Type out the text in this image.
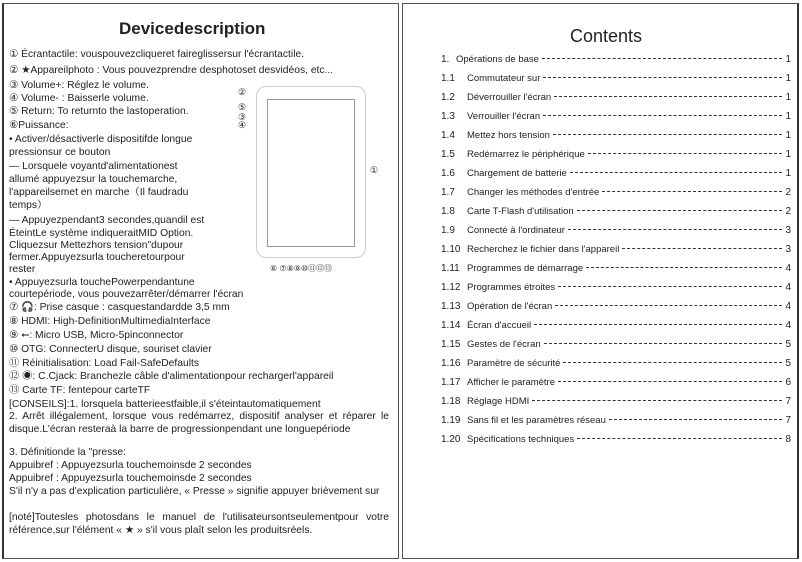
Devicedescription
① Écrantactile: vouspouvezcliqueret faireglissersur l'écrantactile.
② ★Appareilphoto : Vous pouvezprendre desphotoset desvidéos, etc...
③ Volume+: Réglez le volume.
④ Volume- : Baisserle volume.
⑤ Return: To returnto the lastoperation.
⑥Puissance:
• Activer/désactiverle dispositifde longue
pressionsur ce bouton
— Lorsquele voyantd'alimentationest
allumé appuyezsur la touchemarche,
l'appareilsemet en marche（Il faudradu
temps）
— Appuyezpendant3 secondes,quandil est
ÉteintLe système indiqueraitMID Option.
Cliquezsur Mettezhors tension"dupour
fermer.Appuyezsurla toucheretourpour
rester
• Appuyezsurla touchePowerpendantune
courtepériode, vous pouvezarrêter/démarrer l'écran
⑦ 🎧: Prise casque : casquestandardde 3,5 mm
⑧ HDMI: High-DefinitionMultimediaInterface
⑨ ⭠: Micro USB, Micro-5pinconnector
⑩ OTG: ConnecterU disque, souriset clavier
⑪ Réinitialisation: Load Fail-SafeDefaults
⑫ ◉: C.Cjack: Branchezle câble d'alimentationpour rechargerl'appareil
⑬ Carte TF: fentepour carteTF
[CONSEILS]:1. lorsquela batterieestfaible,il s'éteintautomatiquement
②
⑤
③
④
①
⑥ ⑦⑧⑨⑩⑪⑫⑬
2. Arrêt illégalement, lorsque vous redémarrez, dispositif analyser et réparer le disque.L'écran resteraà la barre de progressionpendant une longuepériode
3. Définitionde la "presse:
Appuibref : Appuyezsurla touchemoinsde 2 secondes
Appuibref : Appuyezsurla touchemoinsde 2 secondes
S'il n'y a pas d'explication particulière, « Presse » signifie appuyer brièvement sur
[noté]Toutesles photosdans le manuel de l'utilisateursontseulementpour votre référence,sur l'élément « ★ » s'il vous plaît selon les produitsréels.
Contents
1. Opérations de base	1
1.1	Commutateur sur	1
1.2	Déverrouiller l'écran	1
1.3	Verrouiller l'écran	1
1.4	Mettez hors tension	1
1.5	Redémarrez le périphérique	1
1.6	Chargement de batterie	1
1.7	Changer les méthodes d'entrée	2
1.8	Carte T-Flash d'utilisation	2
1.9	Connecté à l'ordinateur	3
1.10 Recherchez le fichier dans l'appareil	3
1.11 Programmes de démarrage	4
1.12 Programmes étroites	4
1.13 Opération de l'écran	4
1.14 Écran d'accueil	4
1.15 Gestes de l'écran	5
1.16 Paramètre de sécurité	5
1.17 Afficher le paramètre	6
1.18 Réglage HDMI	7
1.19 Sans fil et les paramètres réseau	7
1.20 Spécifications techniques	8
